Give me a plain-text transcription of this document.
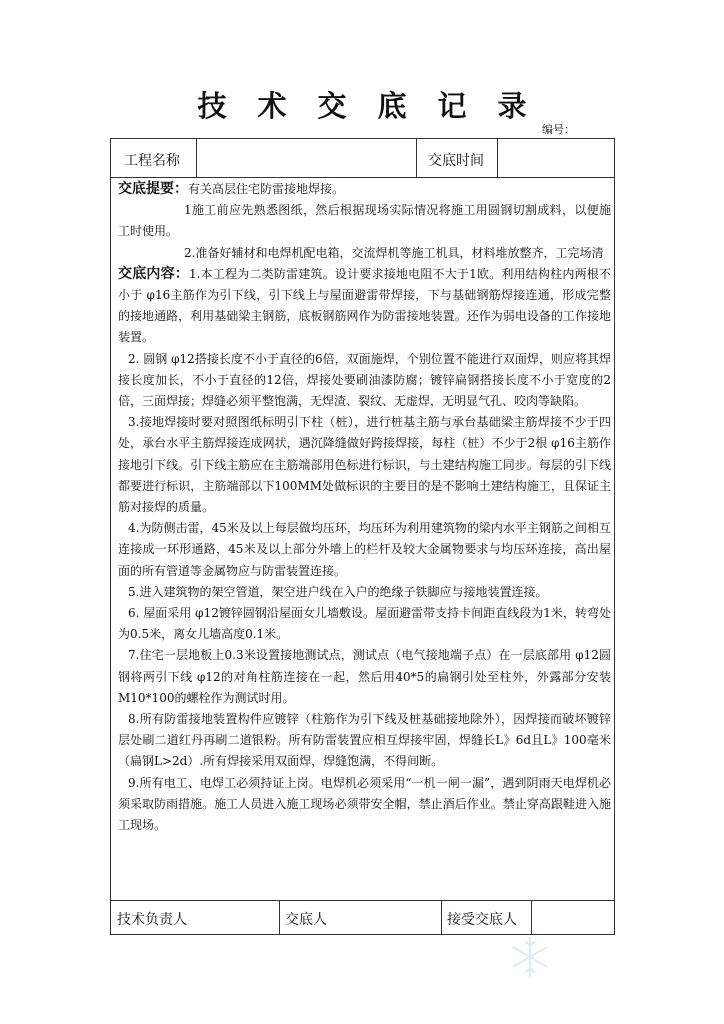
技术交底记录
编号：
工程名称	交底时间

交底提要：有关高层住宅防雷接地焊接。

1施工前应先熟悉图纸，然后根据现场实际情况将施工用圆钢切割成料，以便施工时使用。

2.准备好辅材和电焊机配电箱，交流焊机等施工机具，材料堆放整齐，工完场清

交底内容：1.本工程为二类防雷建筑。设计要求接地电阻不大于1欧。利用结构柱内两根不小于 φ16主筋作为引下线，引下线上与屋面避雷带焊接，下与基础钢筋焊接连通，形成完整的接地通路，利用基础梁主钢筋，底板钢筋网作为防雷接地装置。还作为弱电设备的工作接地装置。

2. 圆钢 φ12搭接长度不小于直径的6倍，双面施焊，个别位置不能进行双面焊，则应将其焊接长度加长，不小于直径的12倍，焊接处要刷油漆防腐；镀锌扁钢搭接长度不小于宽度的2倍，三面焊接；焊缝必须平整饱满，无焊渣、裂纹、无虚焊，无明显气孔、咬肉等缺陷。

3.接地焊接时要对照图纸标明引下柱（桩），进行桩基主筋与承台基础梁主筋焊接不少于四处，承台水平主筋焊接连成网状，遇沉降缝做好跨接焊接，每柱（桩）不少于2根 φ16主筋作接地引下线。引下线主筋应在主筋端部用色标进行标识，与土建结构施工同步。每层的引下线都要进行标识，主筋端部以下100MM处做标识的主要目的是不影响土建结构施工，且保证主筋对接焊的质量。

4.为防侧击雷，45米及以上每层做均压环，均压环为利用建筑物的梁内水平主钢筋之间相互连接成一环形通路，45米及以上部分外墙上的栏杆及较大金属物要求与均压环连接，高出屋面的所有管道等金属物应与防雷装置连接。

5.进入建筑物的架空管道，架空进户线在入户的绝缘子铁脚应与接地装置连接。

6. 屋面采用 φ12镀锌圆钢沿屋面女儿墙敷设。屋面避雷带支持卡间距直线段为1米，转弯处为0.5米，离女儿墙高度0.1米。

7.住宅一层地板上0.3米设置接地测试点，测试点（电气接地端子点）在一层底部用 φ12圆钢将两引下线 φ12的对角柱筋连接在一起，然后用40*5的扁钢引处至柱外，外露部分安装M10*100的螺栓作为测试时用。

8.所有防雷接地装置构件应镀锌（柱筋作为引下线及桩基础接地除外），因焊接而破坏镀锌层处刷二道红丹再刷二道银粉。所有防雷装置应相互焊接牢固，焊缝长L》6d且L》100毫米（扁钢L>2d）.所有焊接采用双面焊，焊缝饱满，不得间断。

9.所有电工、电焊工必须持证上岗。电焊机必须采用“一机一闸一漏”，遇到阴雨天电焊机必须采取防雨措施。施工人员进入施工现场必须带安全帽，禁止酒后作业。禁止穿高跟鞋进入施工现场。

技术负责人	交底人	接受交底人
